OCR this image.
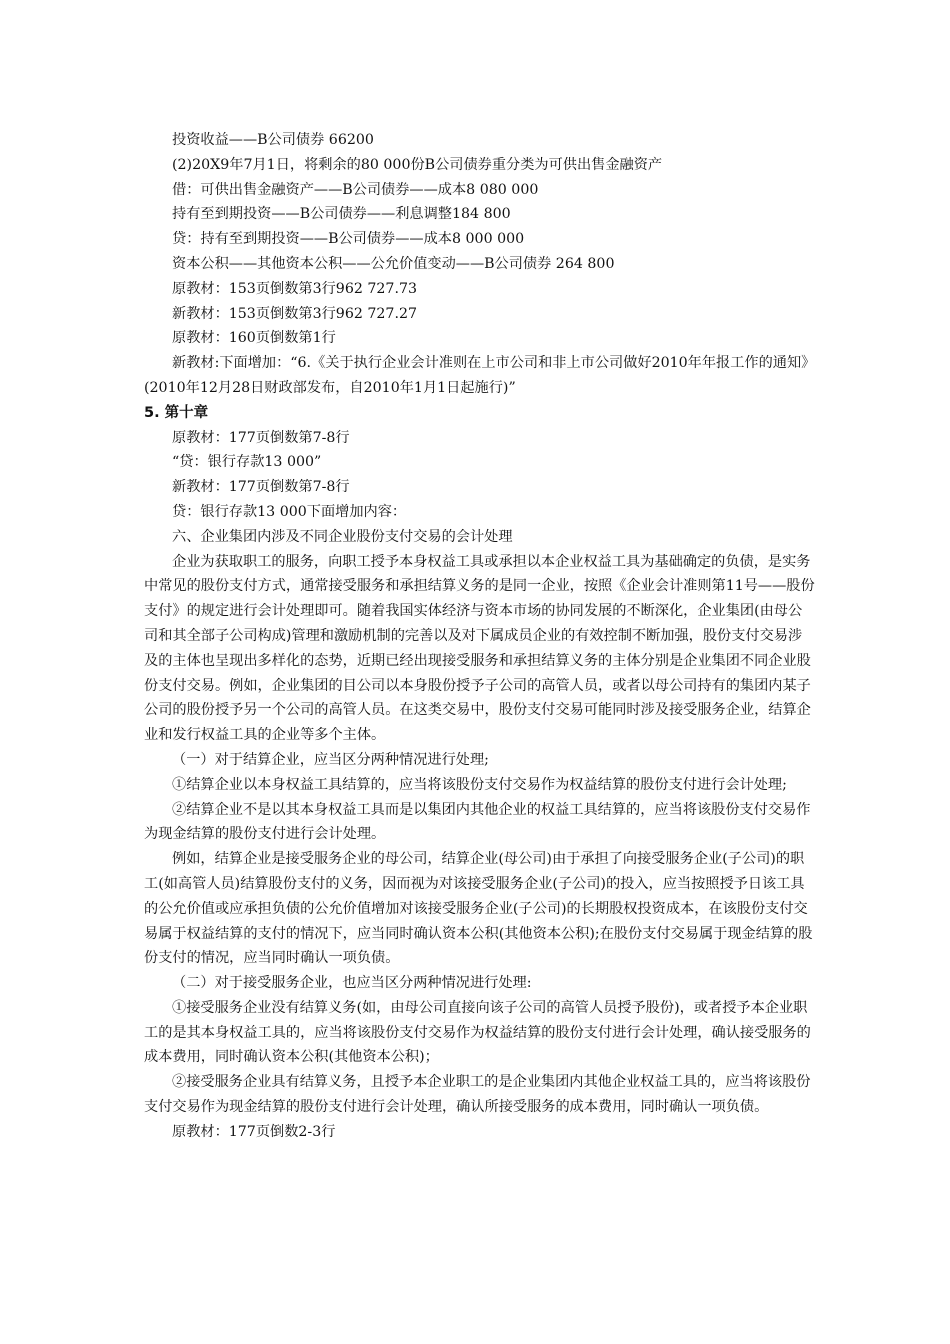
投资收益——B公司债券 66200

(2)20X9年7月1日，将剩余的80 000份B公司债券重分类为可供出售金融资产

借：可供出售金融资产——B公司债券——成本8 080 000

持有至到期投资——B公司债券——利息调整184 800

贷：持有至到期投资——B公司债券——成本8 000 000

资本公积——其他资本公积——公允价值变动——B公司债券 264 800

原教材：153页倒数第3行962 727.73

新教材：153页倒数第3行962 727.27

原教材：160页倒数第1行

新教材:下面增加：“6.《关于执行企业会计准则在上市公司和非上市公司做好2010年年报工作的通知》(2010年12月28日财政部发布，自2010年1月1日起施行)”

5. 第十章

原教材：177页倒数第7-8行

“贷：银行存款13 000”

新教材：177页倒数第7-8行

贷：银行存款13 000下面增加内容：

六、企业集团内涉及不同企业股份支付交易的会计处理

企业为获取职工的服务，向职工授予本身权益工具或承担以本企业权益工具为基础确定的负债，是实务中常见的股份支付方式，通常接受服务和承担结算义务的是同一企业，按照《企业会计准则第11号——股份支付》的规定进行会计处理即可。随着我国实体经济与资本市场的协同发展的不断深化，企业集团(由母公司和其全部子公司构成)管理和激励机制的完善以及对下属成员企业的有效控制不断加强，股份支付交易涉及的主体也呈现出多样化的态势，近期已经出现接受服务和承担结算义务的主体分别是企业集团不同企业股份支付交易。例如，企业集团的目公司以本身股份授予子公司的高管人员，或者以母公司持有的集团内某子公司的股份授予另一个公司的高管人员。在这类交易中，股份支付交易可能同时涉及接受服务企业，结算企业和发行权益工具的企业等多个主体。

（一）对于结算企业，应当区分两种情况进行处理;

①结算企业以本身权益工具结算的，应当将该股份支付交易作为权益结算的股份支付进行会计处理;

②结算企业不是以其本身权益工具而是以集团内其他企业的权益工具结算的，应当将该股份支付交易作为现金结算的股份支付进行会计处理。

例如，结算企业是接受服务企业的母公司，结算企业(母公司)由于承担了向接受服务企业(子公司)的职工(如高管人员)结算股份支付的义务，因而视为对该接受服务企业(子公司)的投入，应当按照授予日该工具的公允价值或应承担负债的公允价值增加对该接受服务企业(子公司)的长期股权投资成本，在该股份支付交易属于权益结算的支付的情况下，应当同时确认资本公积(其他资本公积);在股份支付交易属于现金结算的股份支付的情况，应当同时确认一项负债。

（二）对于接受服务企业，也应当区分两种情况进行处理:

①接受服务企业没有结算义务(如，由母公司直接向该子公司的高管人员授予股份)，或者授予本企业职工的是其本身权益工具的，应当将该股份支付交易作为权益结算的股份支付进行会计处理，确认接受服务的成本费用，同时确认资本公积(其他资本公积)；

②接受服务企业具有结算义务，且授予本企业职工的是企业集团内其他企业权益工具的，应当将该股份支付交易作为现金结算的股份支付进行会计处理，确认所接受服务的成本费用，同时确认一项负债。

原教材：177页倒数2-3行
